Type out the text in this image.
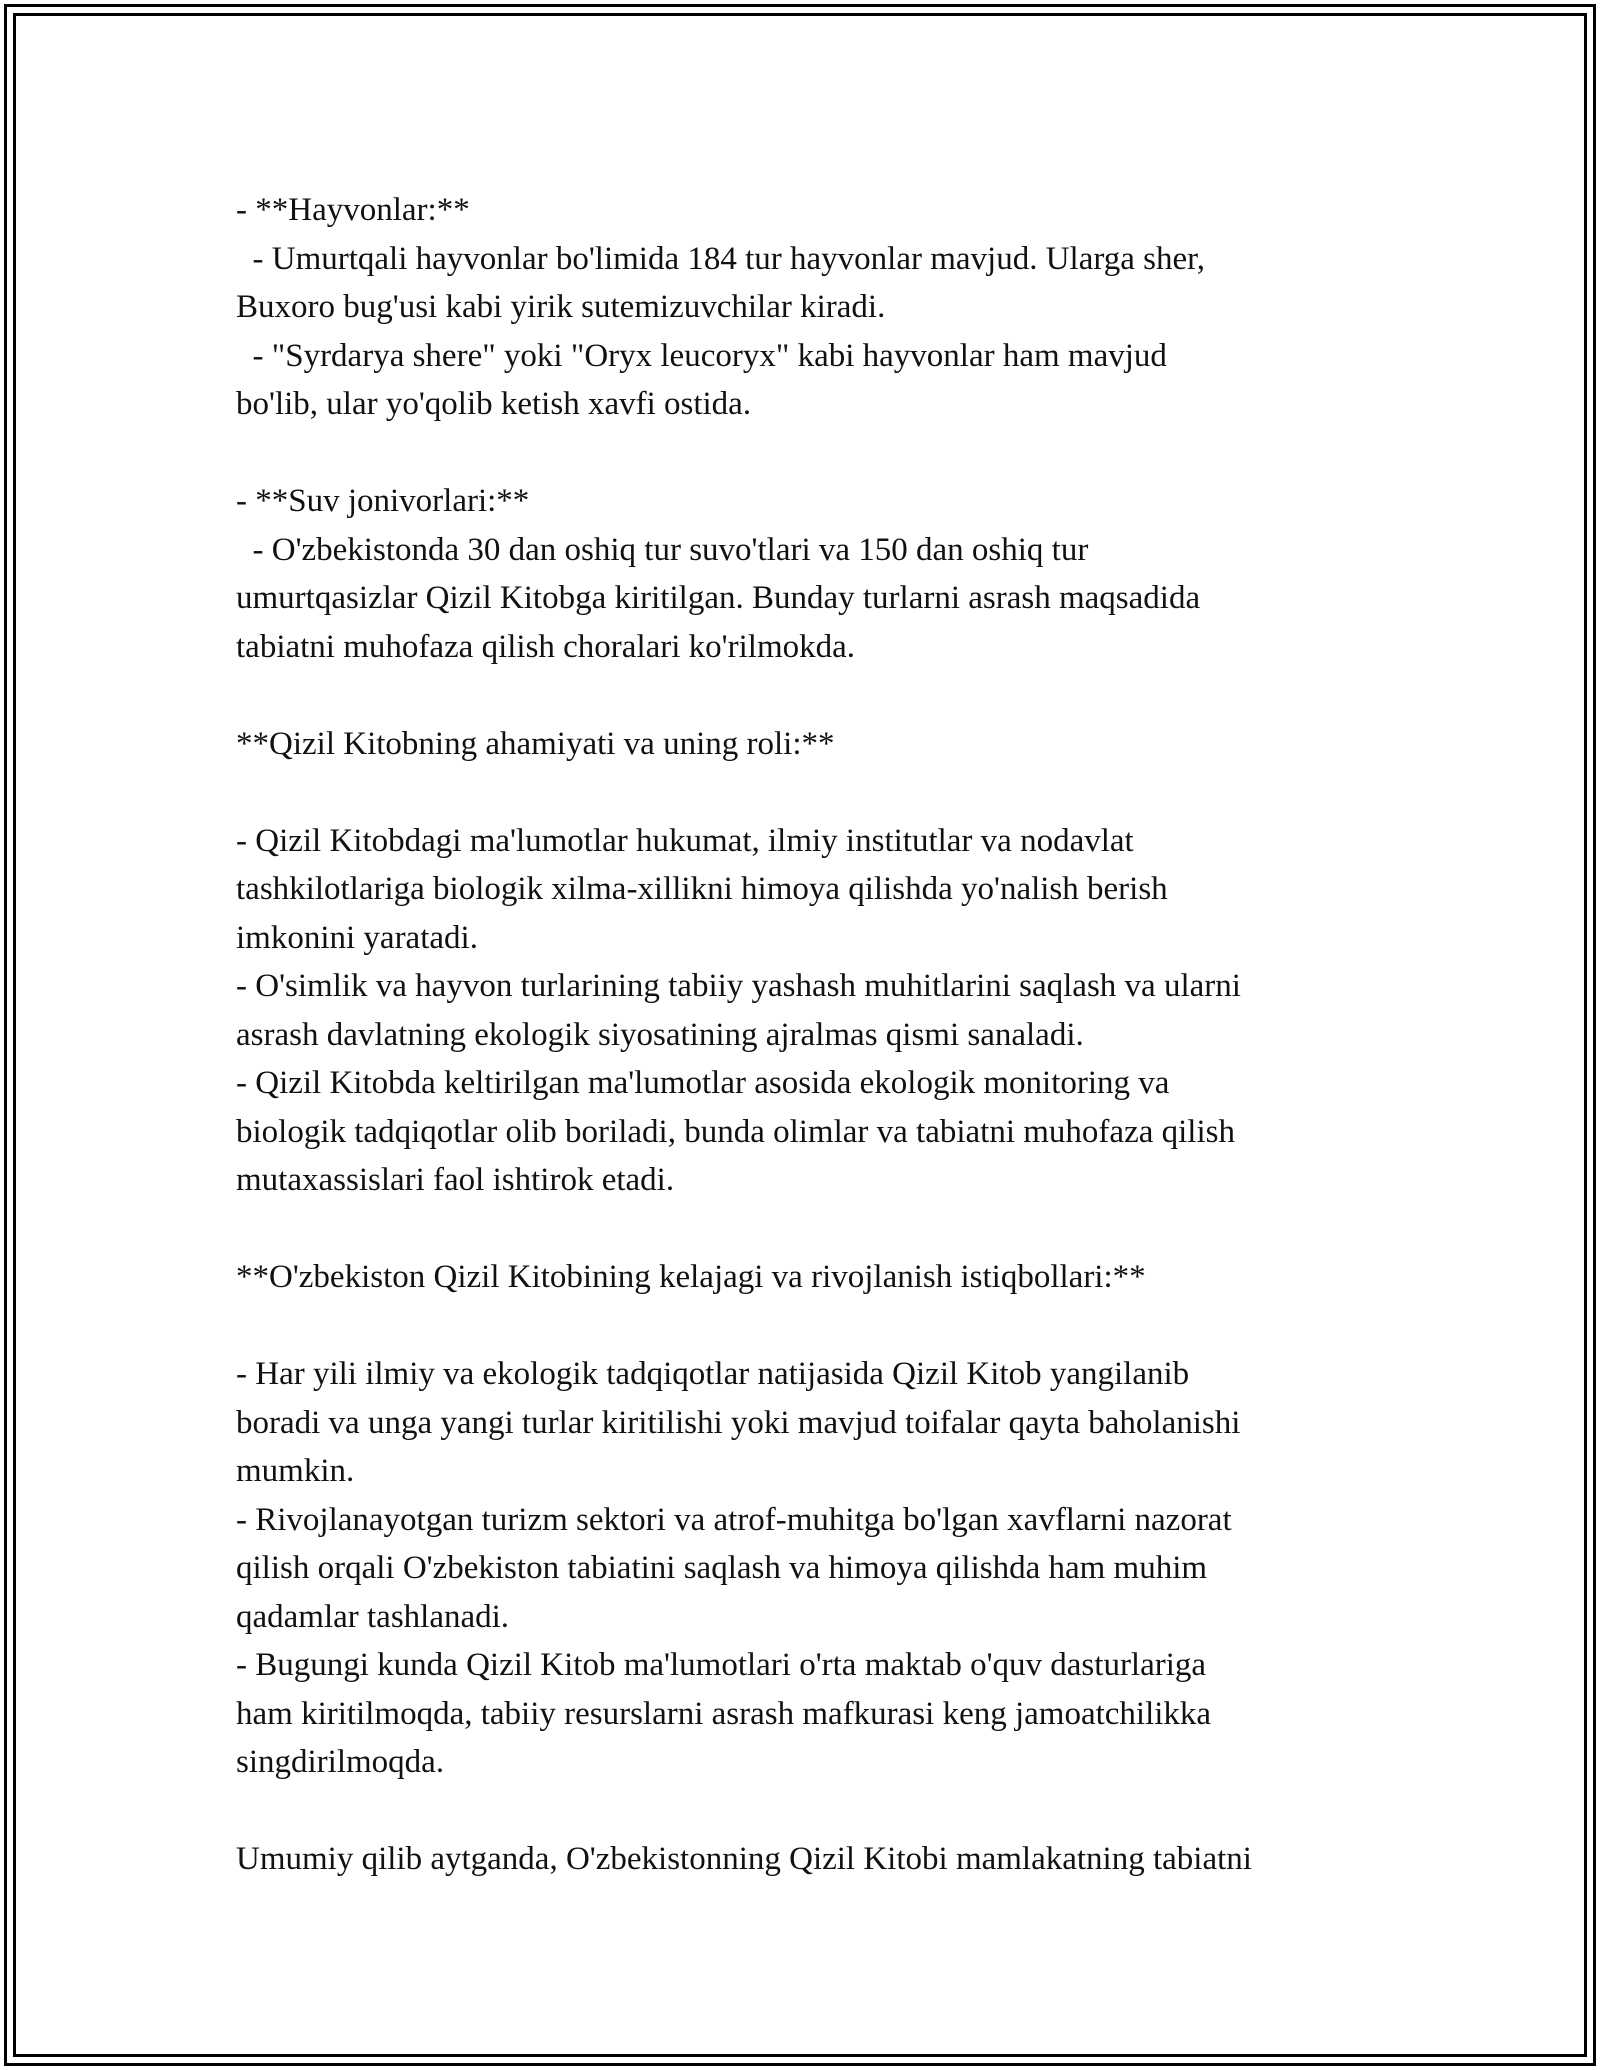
- **Hayvonlar:**
- Umurtqali hayvonlar bo'limida 184 tur hayvonlar mavjud. Ularga sher,
Buxoro bug'usi kabi yirik sutemizuvchilar kiradi.
- "Syrdarya shere" yoki "Oryx leucoryx" kabi hayvonlar ham mavjud
bo'lib, ular yo'qolib ketish xavfi ostida.
- **Suv jonivorlari:**
- O'zbekistonda 30 dan oshiq tur suvo'tlari va 150 dan oshiq tur
umurtqasizlar Qizil Kitobga kiritilgan. Bunday turlarni asrash maqsadida
tabiatni muhofaza qilish choralari ko'rilmokda.
**Qizil Kitobning ahamiyati va uning roli:**
- Qizil Kitobdagi ma'lumotlar hukumat, ilmiy institutlar va nodavlat
tashkilotlariga biologik xilma-xillikni himoya qilishda yo'nalish berish
imkonini yaratadi.
- O'simlik va hayvon turlarining tabiiy yashash muhitlarini saqlash va ularni
asrash davlatning ekologik siyosatining ajralmas qismi sanaladi.
- Qizil Kitobda keltirilgan ma'lumotlar asosida ekologik monitoring va
biologik tadqiqotlar olib boriladi, bunda olimlar va tabiatni muhofaza qilish
mutaxassislari faol ishtirok etadi.
**O'zbekiston Qizil Kitobining kelajagi va rivojlanish istiqbollari:**
- Har yili ilmiy va ekologik tadqiqotlar natijasida Qizil Kitob yangilanib
boradi va unga yangi turlar kiritilishi yoki mavjud toifalar qayta baholanishi
mumkin.
- Rivojlanayotgan turizm sektori va atrof-muhitga bo'lgan xavflarni nazorat
qilish orqali O'zbekiston tabiatini saqlash va himoya qilishda ham muhim
qadamlar tashlanadi.
- Bugungi kunda Qizil Kitob ma'lumotlari o'rta maktab o'quv dasturlariga
ham kiritilmoqda, tabiiy resurslarni asrash mafkurasi keng jamoatchilikka
singdirilmoqda.
Umumiy qilib aytganda, O'zbekistonning Qizil Kitobi mamlakatning tabiatni
